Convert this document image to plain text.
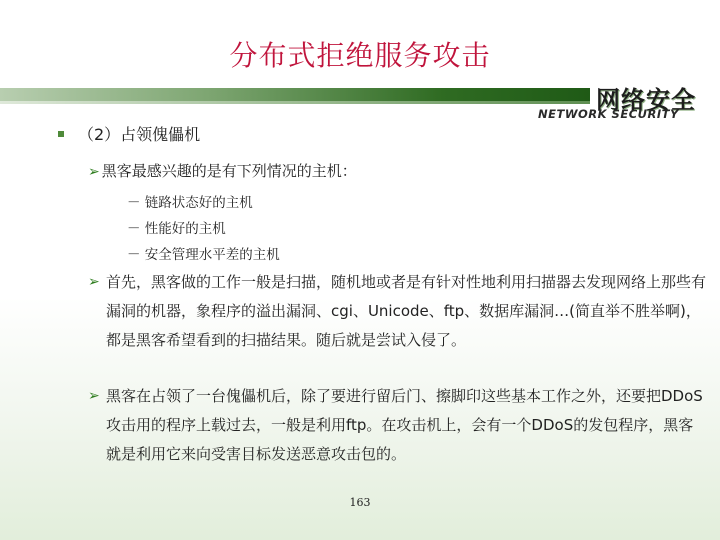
分布式拒绝服务攻击
网络安全
NETWORK SECURITY
（2）占领傀儡机
➢ 黑客最感兴趣的是有下列情况的主机：
－ 链路状态好的主机
－ 性能好的主机
－ 安全管理水平差的主机
➢ 首先，黑客做的工作一般是扫描，随机地或者是有针对性地利用扫描器去发现网络上那些有漏洞的机器，象程序的溢出漏洞、cgi、Unicode、ftp、数据库漏洞…(简直举不胜举啊)，都是黑客希望看到的扫描结果。随后就是尝试入侵了。
➢ 黑客在占领了一台傀儡机后，除了要进行留后门、擦脚印这些基本工作之外，还要把DDoS攻击用的程序上载过去，一般是利用ftp。在攻击机上，会有一个DDoS的发包程序，黑客就是利用它来向受害目标发送恶意攻击包的。
163
